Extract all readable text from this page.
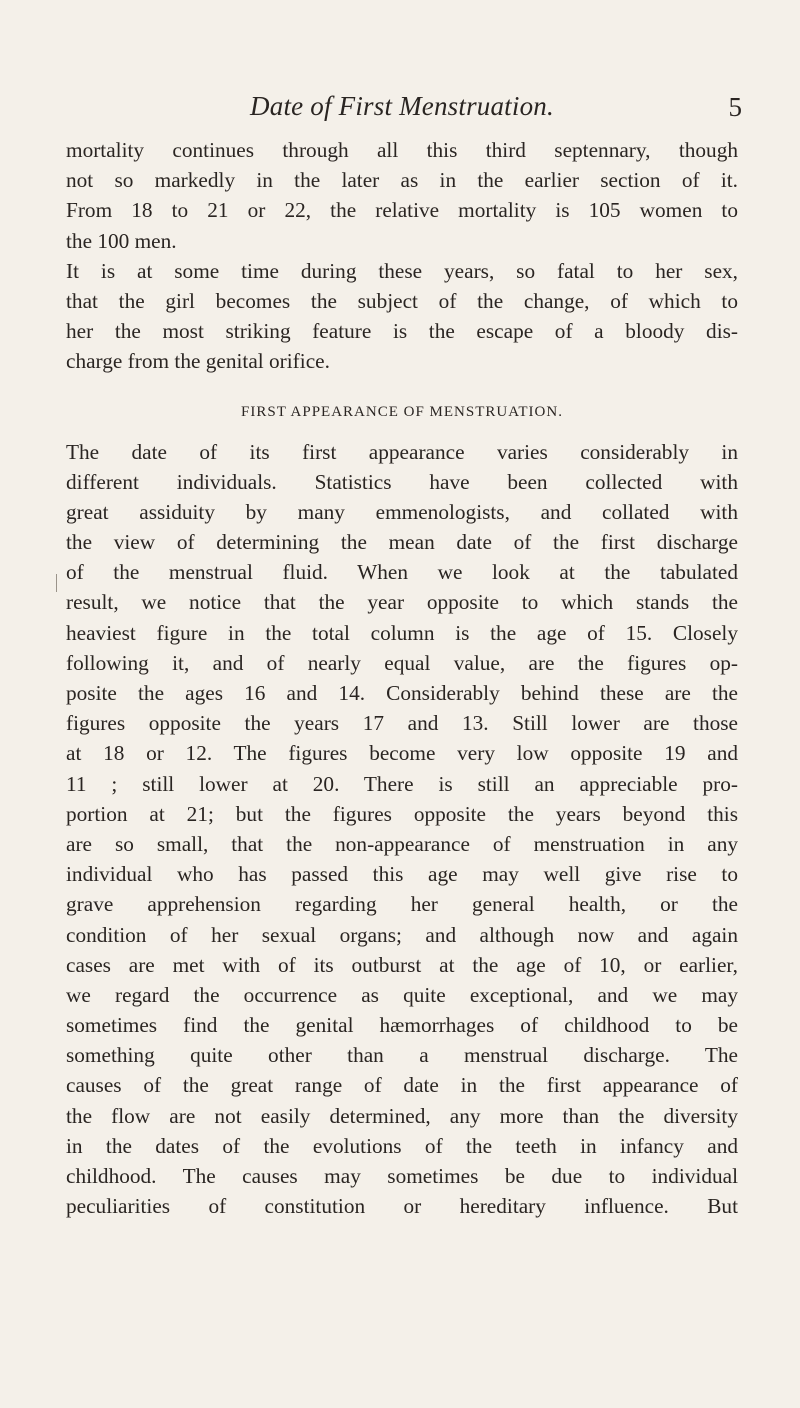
Date of First Menstruation.	5
mortality continues through all this third septennary, though
not so markedly in the later as in the earlier section of it.
From 18 to 21 or 22, the relative mortality is 105 women to
the 100 men.
It is at some time during these years, so fatal to her sex,
that the girl becomes the subject of the change, of which to
her the most striking feature is the escape of a bloody dis-
charge from the genital orifice.
FIRST APPEARANCE OF MENSTRUATION.
The date of its first appearance varies considerably in
different individuals. Statistics have been collected with
great assiduity by many emmenologists, and collated with
the view of determining the mean date of the first discharge
of the menstrual fluid. When we look at the tabulated
result, we notice that the year opposite to which stands the
heaviest figure in the total column is the age of 15. Closely
following it, and of nearly equal value, are the figures op-
posite the ages 16 and 14. Considerably behind these are the
figures opposite the years 17 and 13. Still lower are those
at 18 or 12. The figures become very low opposite 19 and
11 ; still lower at 20. There is still an appreciable pro-
portion at 21; but the figures opposite the years beyond this
are so small, that the non-appearance of menstruation in any
individual who has passed this age may well give rise to
grave apprehension regarding her general health, or the
condition of her sexual organs; and although now and again
cases are met with of its outburst at the age of 10, or earlier,
we regard the occurrence as quite exceptional, and we may
sometimes find the genital hæmorrhages of childhood to be
something quite other than a menstrual discharge. The
causes of the great range of date in the first appearance of
the flow are not easily determined, any more than the diversity
in the dates of the evolutions of the teeth in infancy and
childhood. The causes may sometimes be due to individual
peculiarities of constitution or hereditary influence. But
